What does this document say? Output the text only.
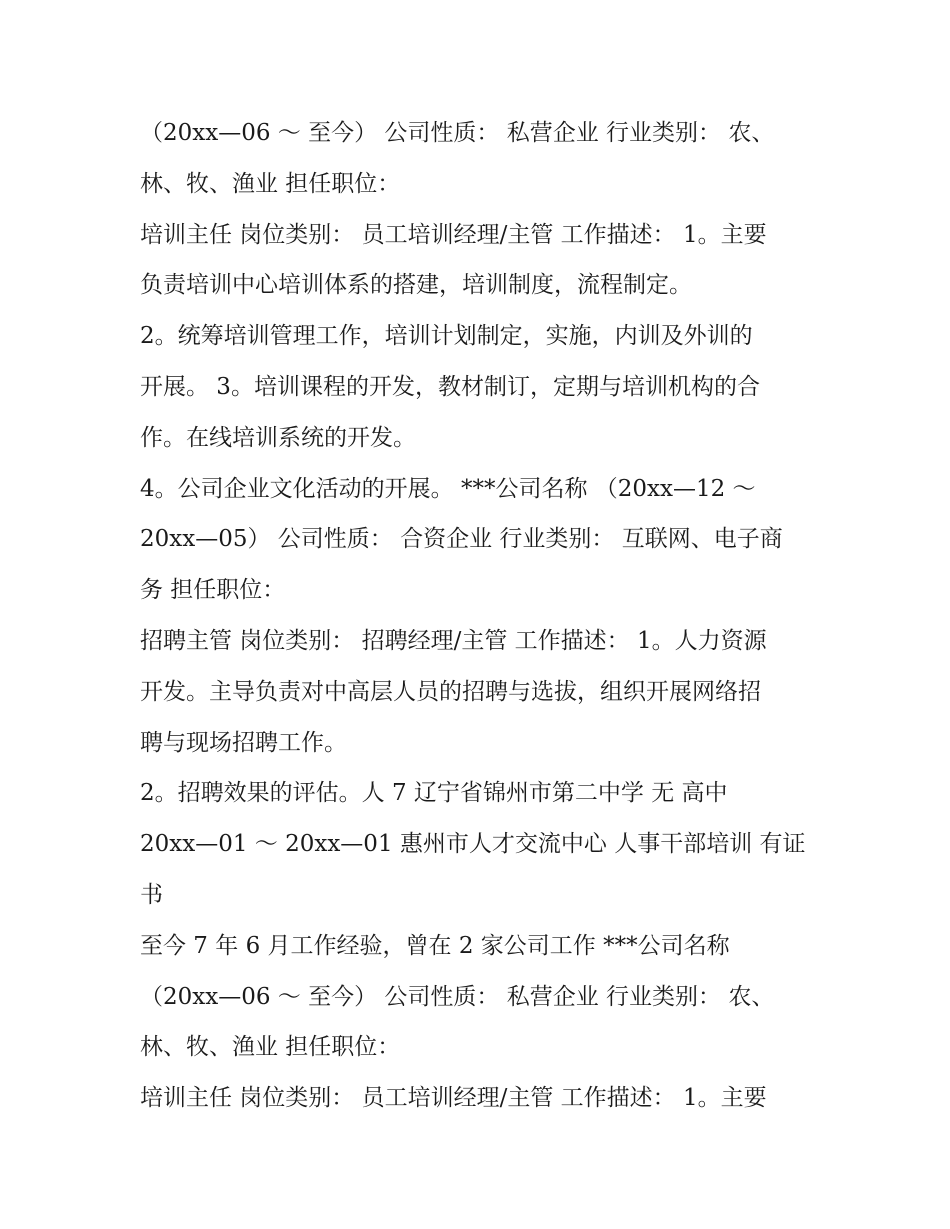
（20xx—06 ～ 至今） 公司性质： 私营企业 行业类别： 农、
林、牧、渔业 担任职位：
培训主任 岗位类别： 员工培训经理/主管 工作描述： 1。主要
负责培训中心培训体系的搭建，培训制度，流程制定。
2。统筹培训管理工作，培训计划制定，实施，内训及外训的
开展。 3。培训课程的开发，教材制订，定期与培训机构的合
作。在线培训系统的开发。
4。公司企业文化活动的开展。 ***公司名称 （20xx—12 ～
20xx—05） 公司性质： 合资企业 行业类别： 互联网、电子商
务 担任职位：
招聘主管 岗位类别： 招聘经理/主管 工作描述： 1。人力资源
开发。主导负责对中高层人员的招聘与选拔，组织开展网络招
聘与现场招聘工作。
2。招聘效果的评估。人 7 辽宁省锦州市第二中学 无 高中
20xx—01 ～ 20xx—01 惠州市人才交流中心 人事干部培训 有证
书
至今 7 年 6 月工作经验，曾在 2 家公司工作 ***公司名称
（20xx—06 ～ 至今） 公司性质： 私营企业 行业类别： 农、
林、牧、渔业 担任职位：
培训主任 岗位类别： 员工培训经理/主管 工作描述： 1。主要
